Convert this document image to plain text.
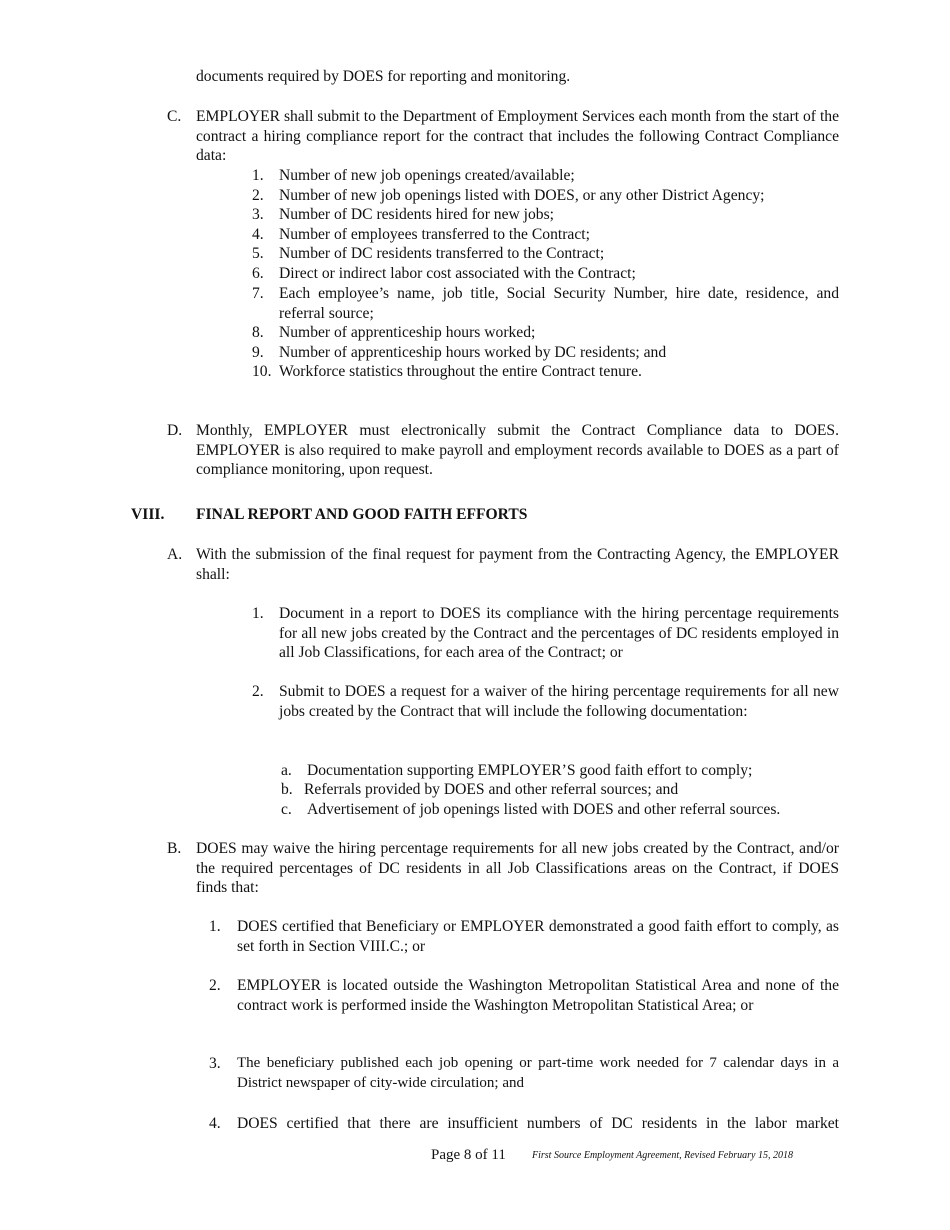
documents required by DOES for reporting and monitoring.

C. EMPLOYER shall submit to the Department of Employment Services each month from the start of the contract a hiring compliance report for the contract that includes the following Contract Compliance data:

1. Number of new job openings created/available;

2. Number of new job openings listed with DOES, or any other District Agency;

3. Number of DC residents hired for new jobs;

4. Number of employees transferred to the Contract;

5. Number of DC residents transferred to the Contract;

6. Direct or indirect labor cost associated with the Contract;

7. Each employee’s name, job title, Social Security Number, hire date, residence, and referral source;

8. Number of apprenticeship hours worked;

9. Number of apprenticeship hours worked by DC residents; and

10. Workforce statistics throughout the entire Contract tenure.

D. Monthly, EMPLOYER must electronically submit the Contract Compliance data to DOES. EMPLOYER is also required to make payroll and employment records available to DOES as a part of compliance monitoring, upon request.

VIII. FINAL REPORT AND GOOD FAITH EFFORTS
A. With the submission of the final request for payment from the Contracting Agency, the EMPLOYER shall:

1. Document in a report to DOES its compliance with the hiring percentage requirements for all new jobs created by the Contract and the percentages of DC residents employed in all Job Classifications, for each area of the Contract; or

2. Submit to DOES a request for a waiver of the hiring percentage requirements for all new jobs created by the Contract that will include the following documentation:

a. Documentation supporting EMPLOYER’S good faith effort to comply;

b. Referrals provided by DOES and other referral sources; and

c. Advertisement of job openings listed with DOES and other referral sources.

B. DOES may waive the hiring percentage requirements for all new jobs created by the Contract, and/or the required percentages of DC residents in all Job Classifications areas on the Contract, if DOES finds that:

1. DOES certified that Beneficiary or EMPLOYER demonstrated a good faith effort to comply, as set forth in Section VIII.C.; or

2. EMPLOYER is located outside the Washington Metropolitan Statistical Area and none of the contract work is performed inside the Washington Metropolitan Statistical Area; or

3. The beneficiary published each job opening or part-time work needed for 7 calendar days in a District newspaper of city-wide circulation; and

4. DOES certified that there are insufficient numbers of DC residents in the labor market

Page 8 of 11	First Source Employment Agreement, Revised February 15, 2018
